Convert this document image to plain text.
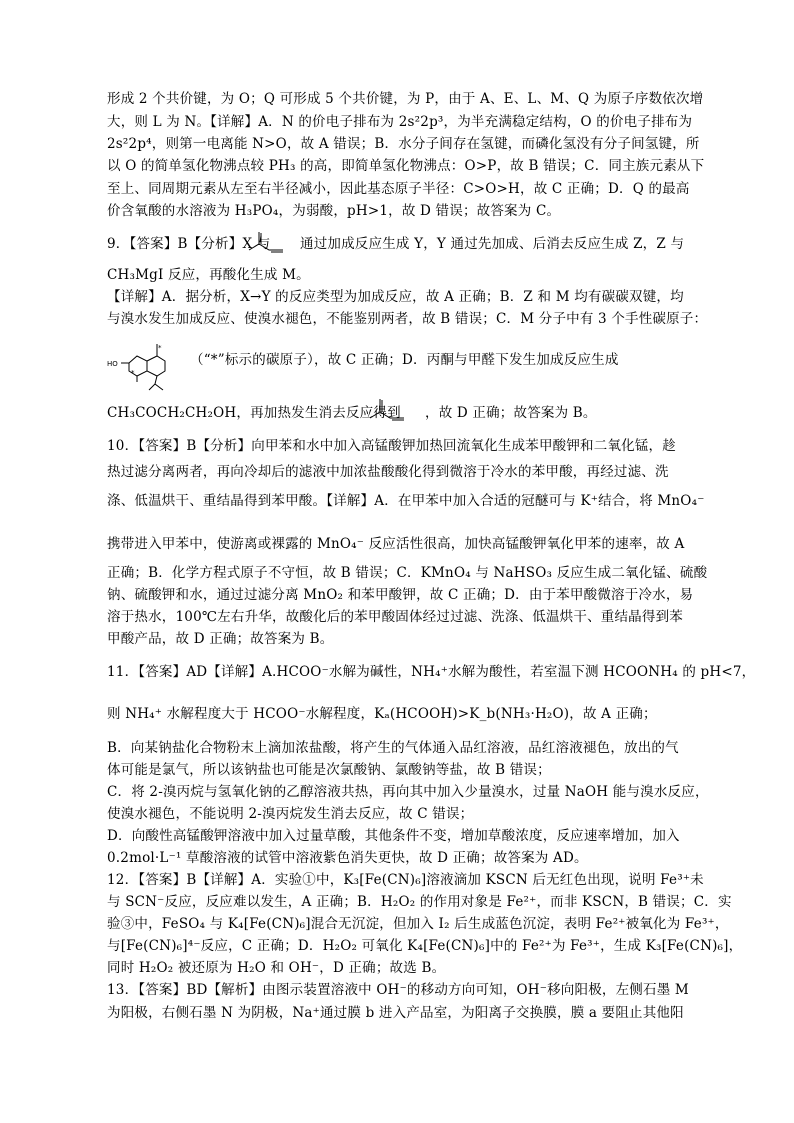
形成 2 个共价键，为 O；Q 可形成 5 个共价键，为 P，由于 A、E、L、M、Q 为原子序数依次增
大，则 L 为 N。【详解】A．N 的价电子排布为 2s²2p³，为半充满稳定结构，O 的价电子排布为
2s²2p⁴，则第一电离能 N>O，故 A 错误；B．水分子间存在氢键，而磷化氢没有分子间氢键，所
以 O 的简单氢化物沸点较 PH₃ 的高，即简单氢化物沸点：O>P，故 B 错误；C．同主族元素从下
至上、同周期元素从左至右半径减小，因此基态原子半径：C>O>H，故 C 正确；D．Q 的最高
价含氧酸的水溶液为 H₃PO₄，为弱酸，pH>1，故 D 错误；故答案为 C。
9．【答案】B【分析】X 与 通过加成反应生成 Y，Y 通过先加成、后消去反应生成 Z，Z 与
CH₃MgI 反应，再酸化生成 M。
【详解】A．据分析，X→Y 的反应类型为加成反应，故 A 正确；B．Z 和 M 均有碳碳双键，均
与溴水发生加成反应、使溴水褪色，不能鉴别两者，故 B 错误；C．M 分子中有 3 个手性碳原子：
HO
*
*
（“*”标示的碳原子），故 C 正确；D．丙酮与甲醛下发生加成反应生成
CH₃COCH₂CH₂OH，再加热发生消去反应得到 ，故 D 正确；故答案为 B。
10．【答案】B【分析】向甲苯和水中加入高锰酸钾加热回流氧化生成苯甲酸钾和二氧化锰，趁
热过滤分离两者，再向冷却后的滤液中加浓盐酸酸化得到微溶于冷水的苯甲酸，再经过滤、洗
涤、低温烘干、重结晶得到苯甲酸。【详解】A．在甲苯中加入合适的冠醚可与 K⁺结合，将 MnO₄⁻
携带进入甲苯中，使游离或裸露的 MnO₄⁻ 反应活性很高，加快高锰酸钾氧化甲苯的速率，故 A
正确；B．化学方程式原子不守恒，故 B 错误；C．KMnO₄ 与 NaHSO₃ 反应生成二氧化锰、硫酸
钠、硫酸钾和水，通过过滤分离 MnO₂ 和苯甲酸钾，故 C 正确；D．由于苯甲酸微溶于冷水，易
溶于热水，100℃左右升华，故酸化后的苯甲酸固体经过过滤、洗涤、低温烘干、重结晶得到苯
甲酸产品，故 D 正确；故答案为 B。
11．【答案】AD【详解】A.HCOO⁻水解为碱性，NH₄⁺水解为酸性，若室温下测 HCOONH₄ 的 pH<7，
则 NH₄⁺ 水解程度大于 HCOO⁻水解程度，Kₐ(HCOOH)>K_b(NH₃·H₂O)，故 A 正确；
B．向某钠盐化合物粉末上滴加浓盐酸，将产生的气体通入品红溶液，品红溶液褪色，放出的气
体可能是氯气，所以该钠盐也可能是次氯酸钠、氯酸钠等盐，故 B 错误；
C．将 2-溴丙烷与氢氧化钠的乙醇溶液共热，再向其中加入少量溴水，过量 NaOH 能与溴水反应，
使溴水褪色，不能说明 2-溴丙烷发生消去反应，故 C 错误；
D．向酸性高锰酸钾溶液中加入过量草酸，其他条件不变，增加草酸浓度，反应速率增加，加入
0.2mol·L⁻¹ 草酸溶液的试管中溶液紫色消失更快，故 D 正确；故答案为 AD。
12．【答案】B【详解】A．实验①中，K₃[Fe(CN)₆]溶液滴加 KSCN 后无红色出现，说明 Fe³⁺未
与 SCN⁻反应，反应难以发生，A 正确；B．H₂O₂ 的作用对象是 Fe²⁺，而非 KSCN，B 错误；C．实
验③中，FeSO₄ 与 K₄[Fe(CN)₆]混合无沉淀，但加入 I₂ 后生成蓝色沉淀，表明 Fe²⁺被氧化为 Fe³⁺，
与[Fe(CN)₆]⁴⁻反应，C 正确；D．H₂O₂ 可氧化 K₄[Fe(CN)₆]中的 Fe²⁺为 Fe³⁺，生成 K₃[Fe(CN)₆]，
同时 H₂O₂ 被还原为 H₂O 和 OH⁻，D 正确；故选 B。
13．【答案】BD【解析】由图示装置溶液中 OH⁻的移动方向可知，OH⁻移向阳极，左侧石墨 M
为阳极，右侧石墨 N 为阴极，Na⁺通过膜 b 进入产品室，为阳离子交换膜，膜 a 要阻止其他阳
